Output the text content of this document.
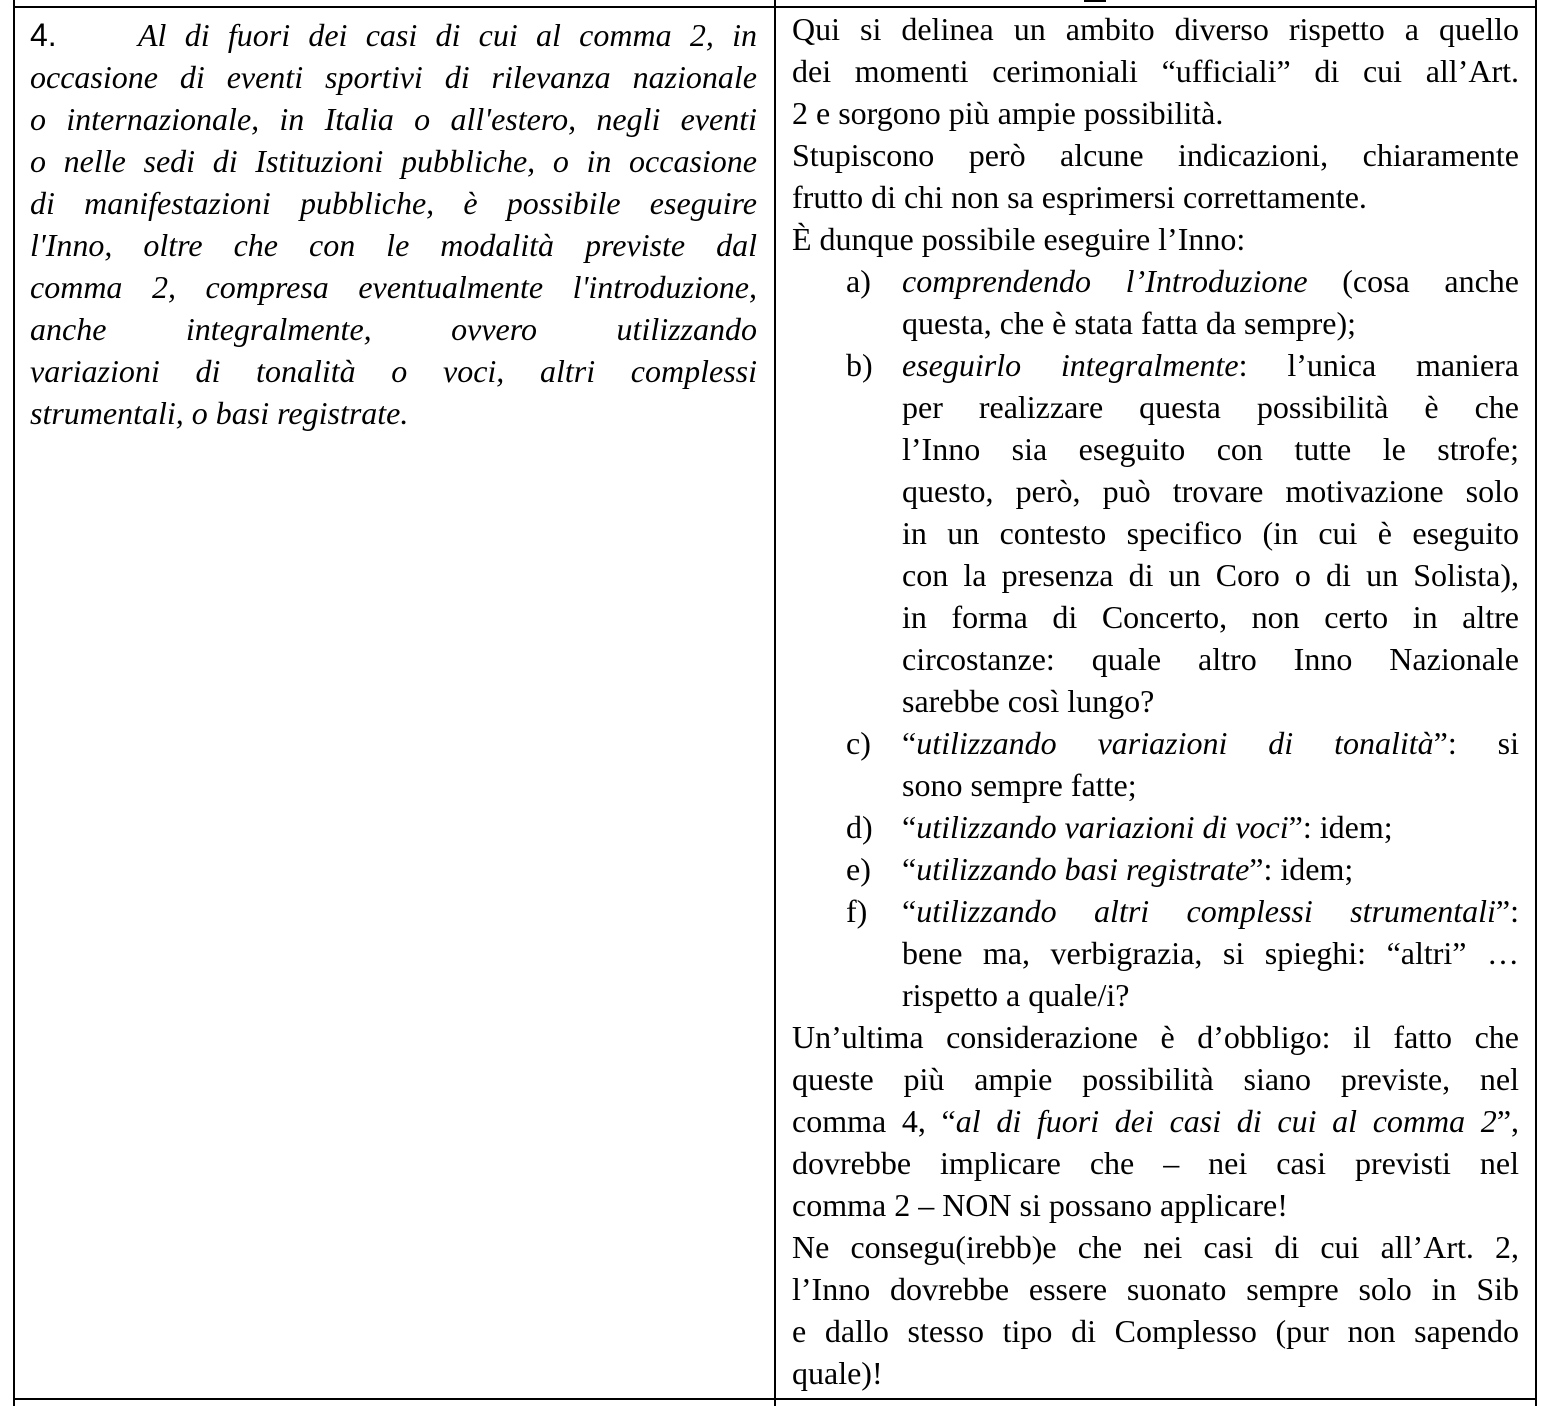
4.	Al di fuori dei casi di cui al comma 2, in
occasione di eventi sportivi di rilevanza nazionale
o internazionale, in Italia o all'estero, negli eventi
o nelle sedi di Istituzioni pubbliche, o in occasione
di manifestazioni pubbliche, è possibile eseguire
l'Inno, oltre che con le modalità previste dal
comma 2, compresa eventualmente l'introduzione,
anche integralmente, ovvero utilizzando
variazioni di tonalità o voci, altri complessi
strumentali, o basi registrate.
Qui si delinea un ambito diverso rispetto a quello
dei momenti cerimoniali “ufficiali” di cui all’Art.
2 e sorgono più ampie possibilità.
Stupiscono però alcune indicazioni, chiaramente
frutto di chi non sa esprimersi correttamente.
È dunque possibile eseguire l’Inno:
a) comprendendo l’Introduzione (cosa anche
questa, che è stata fatta da sempre);
b) eseguirlo integralmente: l’unica maniera
per realizzare questa possibilità è che
l’Inno sia eseguito con tutte le strofe;
questo, però, può trovare motivazione solo
in un contesto specifico (in cui è eseguito
con la presenza di un Coro o di un Solista),
in forma di Concerto, non certo in altre
circostanze: quale altro Inno Nazionale
sarebbe così lungo?
c) “utilizzando variazioni di tonalità”: si
sono sempre fatte;
d) “utilizzando variazioni di voci”: idem;
e) “utilizzando basi registrate”: idem;
f) “utilizzando altri complessi strumentali”:
bene ma, verbigrazia, si spieghi: “altri” …
rispetto a quale/i?
Un’ultima considerazione è d’obbligo: il fatto che
queste più ampie possibilità siano previste, nel
comma 4, “al di fuori dei casi di cui al comma 2”,
dovrebbe implicare che – nei casi previsti nel
comma 2 – NON si possano applicare!
Ne consegu(irebb)e che nei casi di cui all’Art. 2,
l’Inno dovrebbe essere suonato sempre solo in Sib
e dallo stesso tipo di Complesso (pur non sapendo
quale)!
